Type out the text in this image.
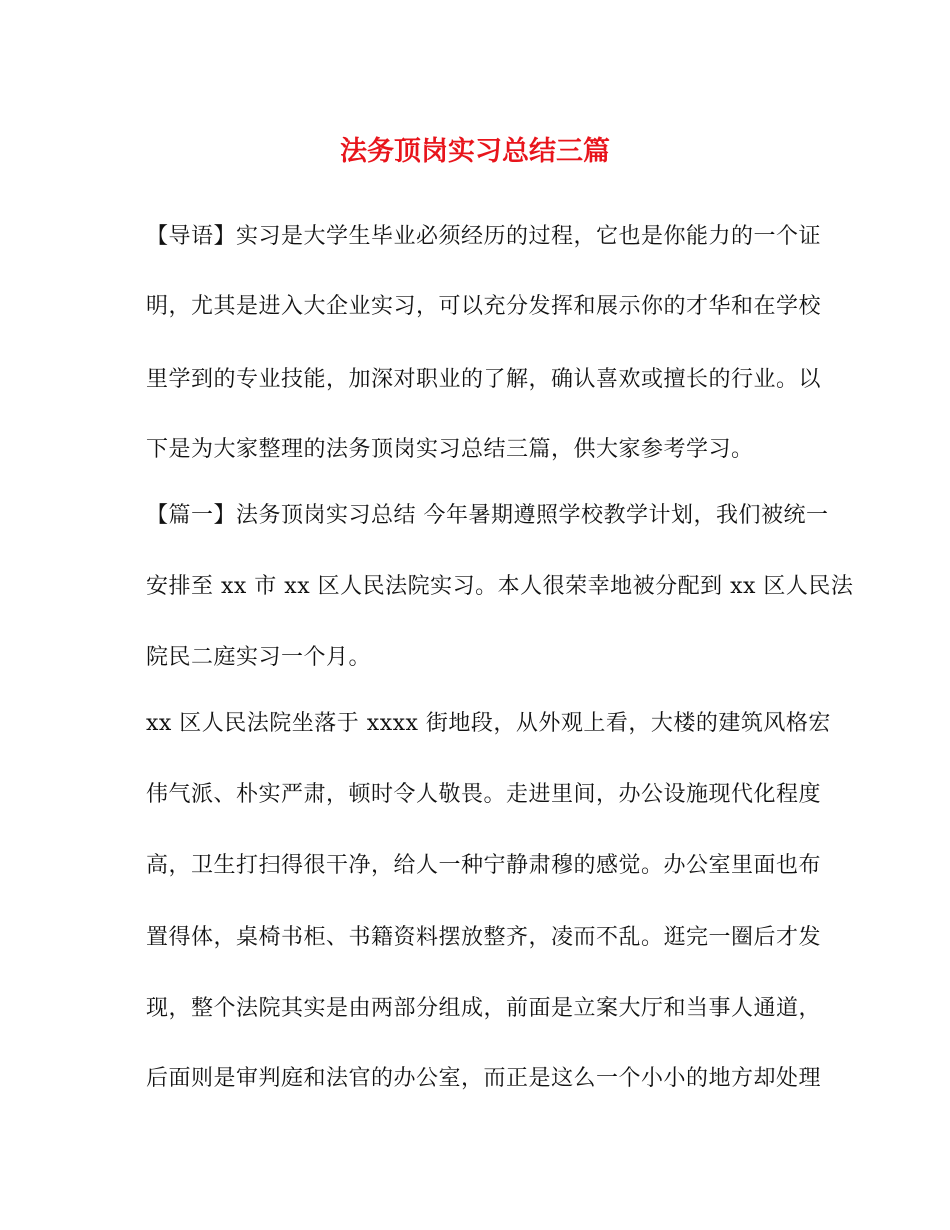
法务顶岗实习总结三篇
【导语】实习是大学生毕业必须经历的过程，它也是你能力的一个证
明，尤其是进入大企业实习，可以充分发挥和展示你的才华和在学校
里学到的专业技能，加深对职业的了解，确认喜欢或擅长的行业。以
下是为大家整理的法务顶岗实习总结三篇，供大家参考学习。
【篇一】法务顶岗实习总结 今年暑期遵照学校教学计划，我们被统一
安排至 xx 市 xx 区人民法院实习。本人很荣幸地被分配到 xx 区人民法
院民二庭实习一个月。
xx 区人民法院坐落于 xxxx 街地段，从外观上看，大楼的建筑风格宏
伟气派、朴实严肃，顿时令人敬畏。走进里间，办公设施现代化程度
高，卫生打扫得很干净，给人一种宁静肃穆的感觉。办公室里面也布
置得体，桌椅书柜、书籍资料摆放整齐，凌而不乱。逛完一圈后才发
现，整个法院其实是由两部分组成，前面是立案大厅和当事人通道，
后面则是审判庭和法官的办公室，而正是这么一个小小的地方却处理
